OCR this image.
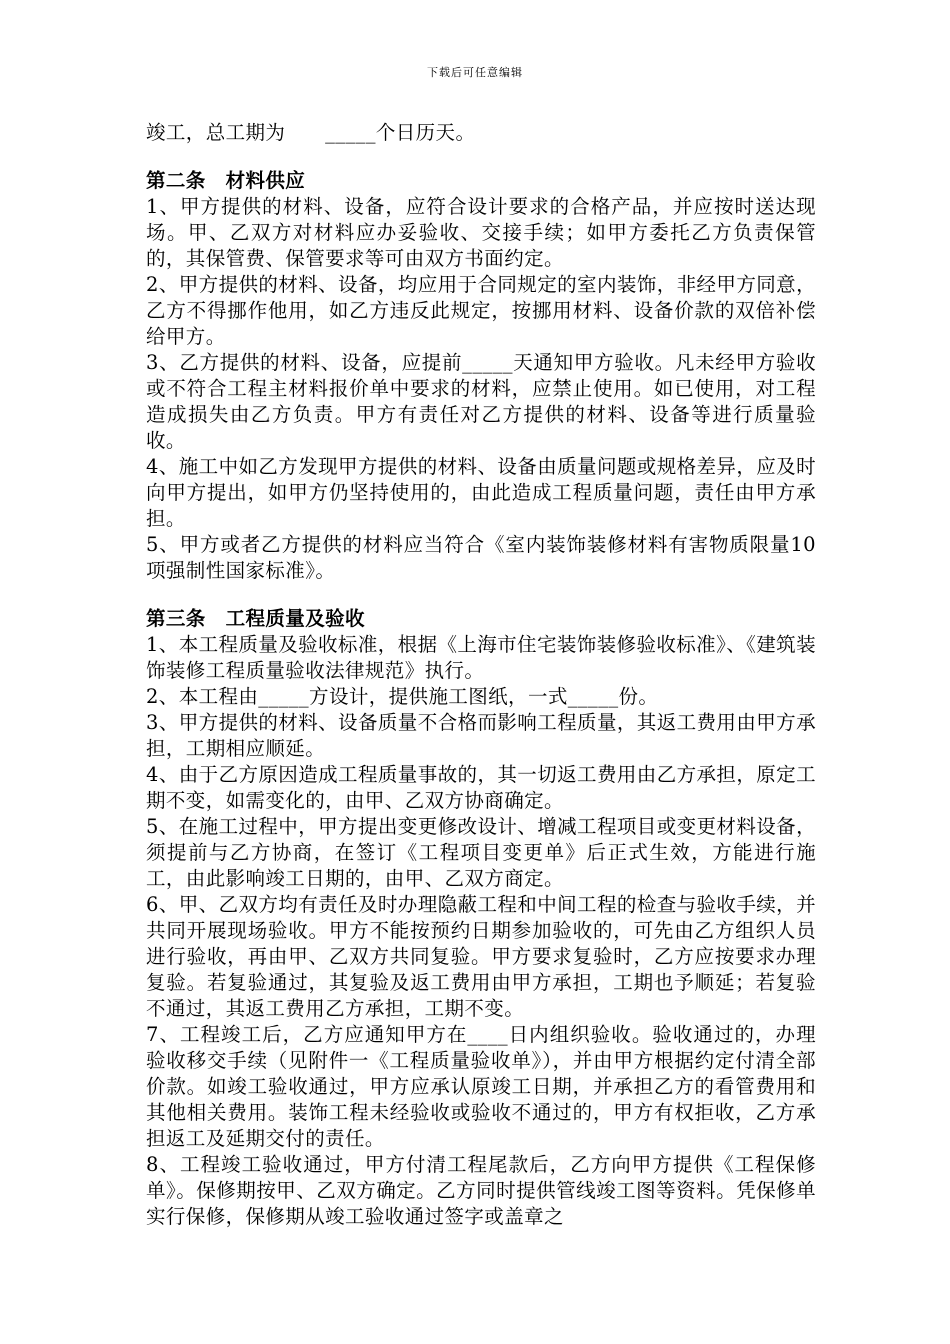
下载后可任意编辑

竣工，总工期为　　_____个日历天。

第二条　材料供应

1、甲方提供的材料、设备，应符合设计要求的合格产品，并应按时送达现场。甲、乙双方对材料应办妥验收、交接手续；如甲方委托乙方负责保管的，其保管费、保管要求等可由双方书面约定。

2、甲方提供的材料、设备，均应用于合同规定的室内装饰，非经甲方同意，乙方不得挪作他用，如乙方违反此规定，按挪用材料、设备价款的双倍补偿给甲方。

3、乙方提供的材料、设备，应提前_____天通知甲方验收。凡未经甲方验收或不符合工程主材料报价单中要求的材料，应禁止使用。如已使用，对工程造成损失由乙方负责。甲方有责任对乙方提供的材料、设备等进行质量验收。

4、施工中如乙方发现甲方提供的材料、设备由质量问题或规格差异，应及时向甲方提出，如甲方仍坚持使用的，由此造成工程质量问题，责任由甲方承担。

5、甲方或者乙方提供的材料应当符合《室内装饰装修材料有害物质限量10项强制性国家标准》。

第三条　工程质量及验收

1、本工程质量及验收标准，根据《上海市住宅装饰装修验收标准》、《建筑装饰装修工程质量验收法律规范》执行。

2、本工程由_____方设计，提供施工图纸，一式_____份。

3、甲方提供的材料、设备质量不合格而影响工程质量，其返工费用由甲方承担，工期相应顺延。

4、由于乙方原因造成工程质量事故的，其一切返工费用由乙方承担，原定工期不变，如需变化的，由甲、乙双方协商确定。

5、在施工过程中，甲方提出变更修改设计、增减工程项目或变更材料设备，须提前与乙方协商，在签订《工程项目变更单》后正式生效，方能进行施工，由此影响竣工日期的，由甲、乙双方商定。

6、甲、乙双方均有责任及时办理隐蔽工程和中间工程的检查与验收手续，并共同开展现场验收。甲方不能按预约日期参加验收的，可先由乙方组织人员进行验收，再由甲、乙双方共同复验。甲方要求复验时，乙方应按要求办理复验。若复验通过，其复验及返工费用由甲方承担，工期也予顺延；若复验不通过，其返工费用乙方承担，工期不变。

7、工程竣工后，乙方应通知甲方在____日内组织验收。验收通过的，办理验收移交手续（见附件一《工程质量验收单》），并由甲方根据约定付清全部价款。如竣工验收通过，甲方应承认原竣工日期，并承担乙方的看管费用和其他相关费用。装饰工程未经验收或验收不通过的，甲方有权拒收，乙方承担返工及延期交付的责任。

8、工程竣工验收通过，甲方付清工程尾款后，乙方向甲方提供《工程保修单》。保修期按甲、乙双方确定。乙方同时提供管线竣工图等资料。凭保修单实行保修，保修期从竣工验收通过签字或盖章之
